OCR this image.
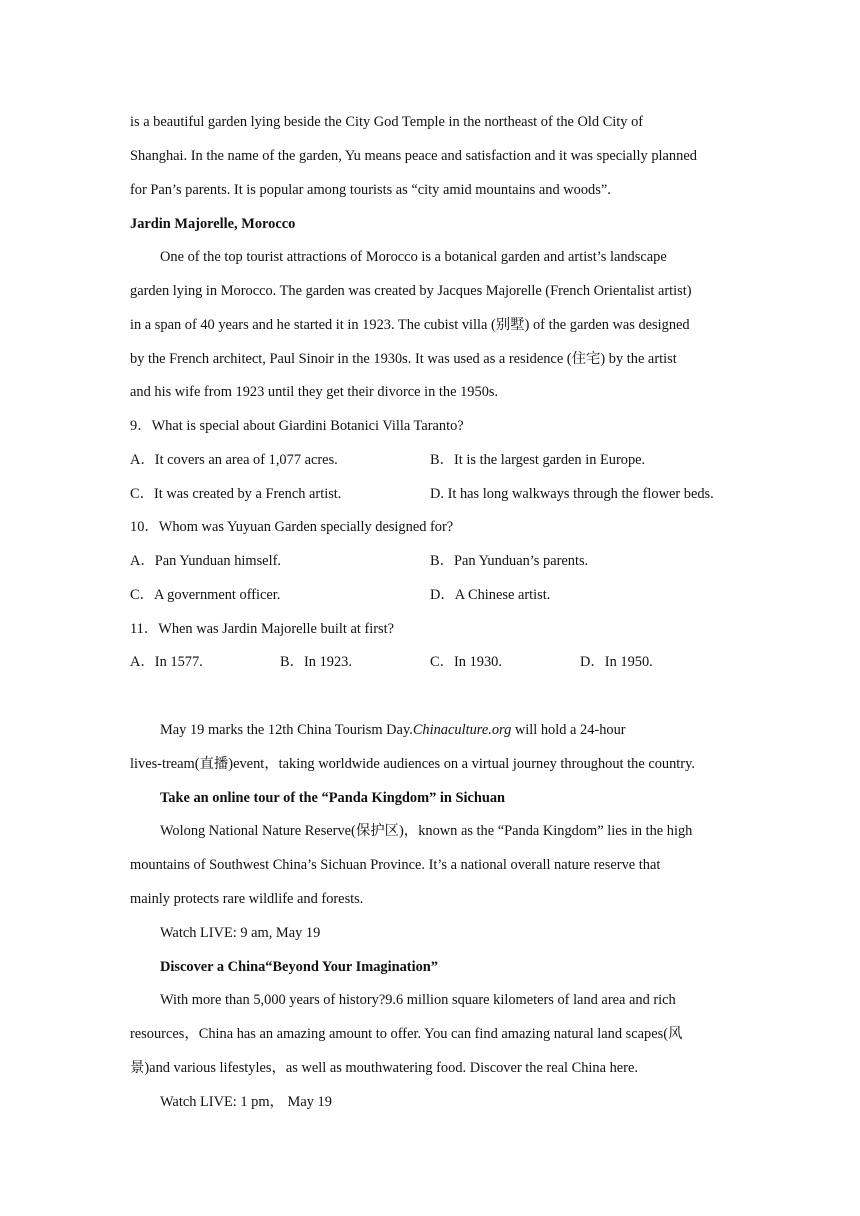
is a beautiful garden lying beside the City God Temple in the northeast of the Old City of
Shanghai. In the name of the garden, Yu means peace and satisfaction and it was specially planned
for Pan’s parents. It is popular among tourists as “city amid mountains and woods”.
Jardin Majorelle, Morocco
One of the top tourist attractions of Morocco is a botanical garden and artist’s landscape
garden lying in Morocco. The garden was created by Jacques Majorelle (French Orientalist artist)
in a span of 40 years and he started it in 1923. The cubist villa (别墅) of the garden was designed
by the French architect, Paul Sinoir in the 1930s. It was used as a residence (住宅) by the artist
and his wife from 1923 until they get their divorce in the 1950s.
9．What is special about Giardini Botanici Villa Taranto?
A．It covers an area of 1,077 acres.	B．It is the largest garden in Europe.
C．It was created by a French artist.	D. It has long walkways through the flower beds.
10．Whom was Yuyuan Garden specially designed for?
A．Pan Yunduan himself.	B．Pan Yunduan’s parents.
C．A government officer.	D．A Chinese artist.
11．When was Jardin Majorelle built at first?
A．In 1577.	B．In 1923.	C．In 1930.	D．In 1950.
May 19 marks the 12th China Tourism Day.Chinaculture.org will hold a 24-hour
lives-tream(直播)event，taking worldwide audiences on a virtual journey throughout the country.
Take an online tour of the “Panda Kingdom” in Sichuan
Wolong National Nature Reserve(保护区)，known as the “Panda Kingdom” lies in the high
mountains of Southwest China’s Sichuan Province. It’s a national overall nature reserve that
mainly protects rare wildlife and forests.
Watch LIVE: 9 am, May 19
Discover a China“Beyond Your Imagination”
With more than 5,000 years of history?9.6 million square kilometers of land area and rich
resources，China has an amazing amount to offer. You can find amazing natural land scapes(风
景)and various lifestyles，as well as mouthwatering food. Discover the real China here.
Watch LIVE: 1 pm， May 19
